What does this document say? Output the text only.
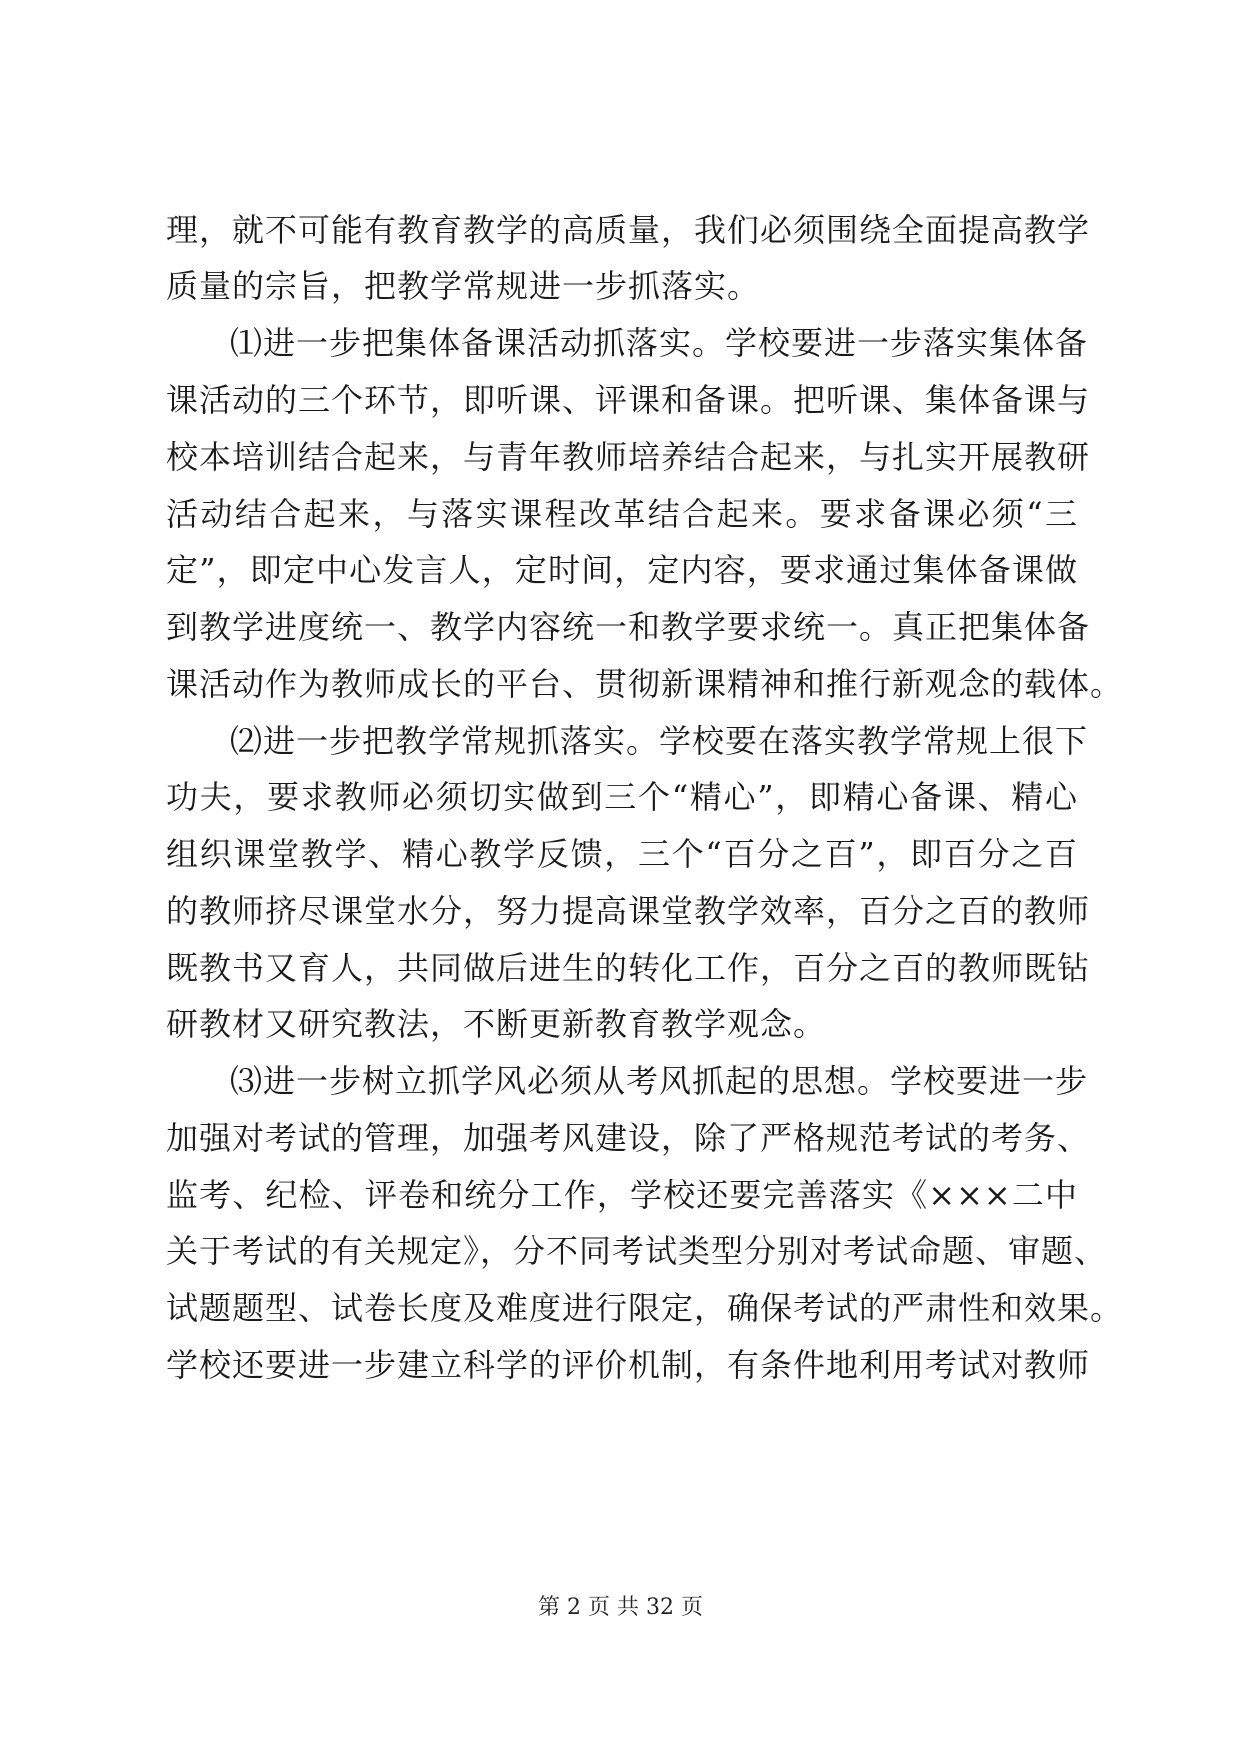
理，就不可能有教育教学的高质量，我们必须围绕全面提高教学
质量的宗旨，把教学常规进一步抓落实。
⑴进一步把集体备课活动抓落实。学校要进一步落实集体备
课活动的三个环节，即听课、评课和备课。把听课、集体备课与
校本培训结合起来，与青年教师培养结合起来，与扎实开展教研
活动结合起来，与落实课程改革结合起来。要求备课必须“三
定”，即定中心发言人，定时间，定内容，要求通过集体备课做
到教学进度统一、教学内容统一和教学要求统一。真正把集体备
课活动作为教师成长的平台、贯彻新课精神和推行新观念的载体。
⑵进一步把教学常规抓落实。学校要在落实教学常规上很下
功夫，要求教师必须切实做到三个“精心”，即精心备课、精心
组织课堂教学、精心教学反馈，三个“百分之百”，即百分之百
的教师挤尽课堂水分，努力提高课堂教学效率，百分之百的教师
既教书又育人，共同做后进生的转化工作，百分之百的教师既钻
研教材又研究教法，不断更新教育教学观念。
⑶进一步树立抓学风必须从考风抓起的思想。学校要进一步
加强对考试的管理，加强考风建设，除了严格规范考试的考务、
监考、纪检、评卷和统分工作，学校还要完善落实《×××二中
关于考试的有关规定》，分不同考试类型分别对考试命题、审题、
试题题型、试卷长度及难度进行限定，确保考试的严肃性和效果。
学校还要进一步建立科学的评价机制，有条件地利用考试对教师
第 2 页 共 32 页
